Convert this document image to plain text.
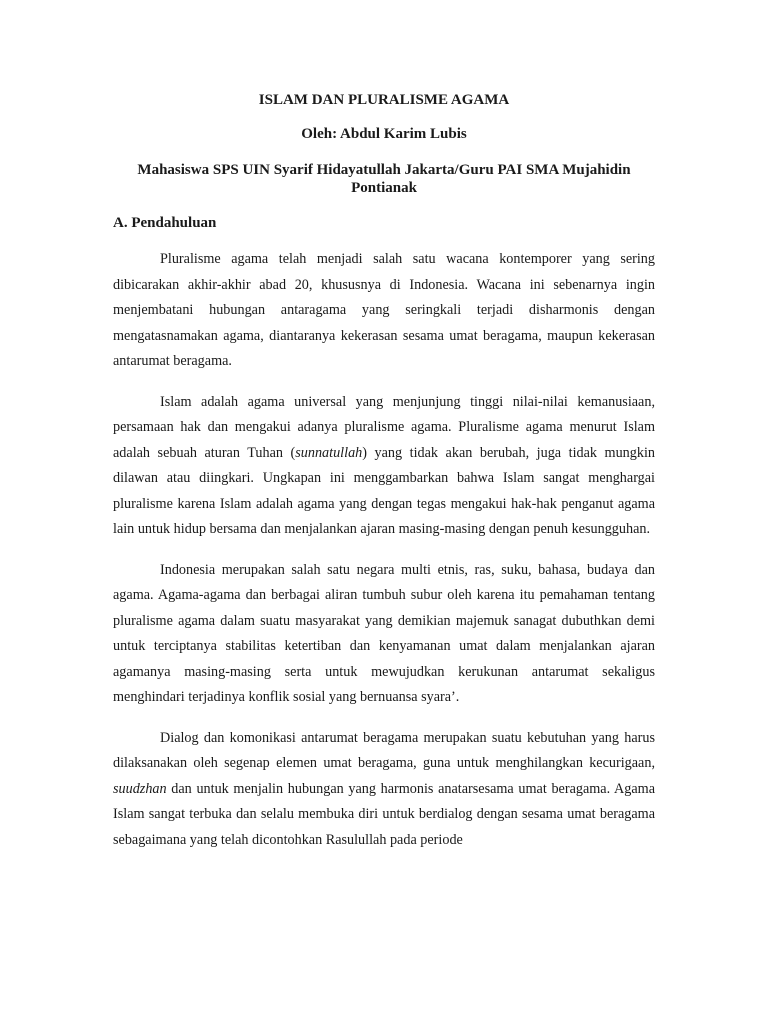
ISLAM DAN PLURALISME AGAMA

Oleh: Abdul Karim Lubis

Mahasiswa SPS UIN Syarif Hidayatullah Jakarta/Guru PAI SMA Mujahidin Pontianak

A. Pendahuluan

Pluralisme agama telah menjadi salah satu wacana kontemporer yang sering dibicarakan akhir-akhir abad 20, khususnya di Indonesia. Wacana ini sebenarnya ingin menjembatani hubungan antaragama yang seringkali terjadi disharmonis dengan mengatasnamakan agama, diantaranya kekerasan sesama umat beragama, maupun kekerasan antarumat beragama.

Islam adalah agama universal yang menjunjung tinggi nilai-nilai kemanusiaan, persamaan hak dan mengakui adanya pluralisme agama. Pluralisme agama menurut Islam adalah sebuah aturan Tuhan (sunnatullah) yang tidak akan berubah, juga tidak mungkin dilawan atau diingkari. Ungkapan ini menggambarkan bahwa Islam sangat menghargai pluralisme karena Islam adalah agama yang dengan tegas mengakui hak-hak penganut agama lain untuk hidup bersama dan menjalankan ajaran masing-masing dengan penuh kesungguhan.

Indonesia merupakan salah satu negara multi etnis, ras, suku, bahasa, budaya dan agama. Agama-agama dan berbagai aliran tumbuh subur oleh karena itu pemahaman tentang pluralisme agama dalam suatu masyarakat yang demikian majemuk sanagat dubuthkan demi untuk terciptanya stabilitas ketertiban dan kenyamanan umat dalam menjalankan ajaran agamanya masing-masing serta untuk mewujudkan kerukunan antarumat sekaligus menghindari terjadinya konflik sosial yang bernuansa syara’.

Dialog dan komonikasi antarumat beragama merupakan suatu kebutuhan yang harus dilaksanakan oleh segenap elemen umat beragama, guna untuk menghilangkan kecurigaan, suudzhan dan untuk menjalin hubungan yang harmonis anatarsesama umat beragama. Agama Islam sangat terbuka dan selalu membuka diri untuk berdialog dengan sesama umat beragama sebagaimana yang telah dicontohkan Rasulullah pada periode
